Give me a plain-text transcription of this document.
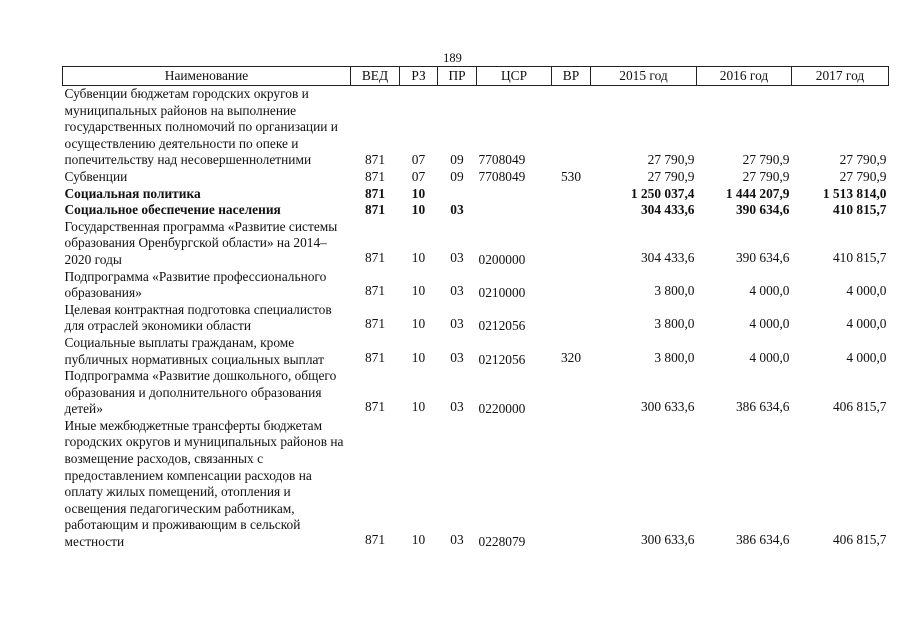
189
Наименование	ВЕД	РЗ	ПР	ЦСР	ВР	2015 год	2016 год	2017 год
Субвенции бюджетам городских округов и муниципальных районов на выполнение государственных полномочий по организации и осуществлению деятельности по опеке и попечительству над несовершеннолетними	871	07	09	7708049		27 790,9	27 790,9	27 790,9
Субвенции	871	07	09	7708049	530	27 790,9	27 790,9	27 790,9
Социальная политика	871	10				1 250 037,4	1 444 207,9	1 513 814,0
Социальное обеспечение населения	871	10	03			304 433,6	390 634,6	410 815,7
Государственная программа «Развитие системы образования Оренбургской области» на 2014–2020 годы	871	10	03	0200000		304 433,6	390 634,6	410 815,7
Подпрограмма «Развитие профессионального образования»	871	10	03	0210000		3 800,0	4 000,0	4 000,0
Целевая контрактная подготовка специалистов для отраслей экономики области	871	10	03	0212056		3 800,0	4 000,0	4 000,0
Социальные выплаты гражданам, кроме публичных нормативных социальных выплат	871	10	03	0212056	320	3 800,0	4 000,0	4 000,0
Подпрограмма «Развитие дошкольного, общего образования и дополнительного образования детей»	871	10	03	0220000		300 633,6	386 634,6	406 815,7
Иные межбюджетные трансферты бюджетам городских округов и муниципальных районов на возмещение расходов, связанных с предоставлением компенсации расходов на оплату жилых помещений, отопления и освещения педагогическим работникам, работающим и проживающим в сельской местности	871	10	03	0228079		300 633,6	386 634,6	406 815,7
